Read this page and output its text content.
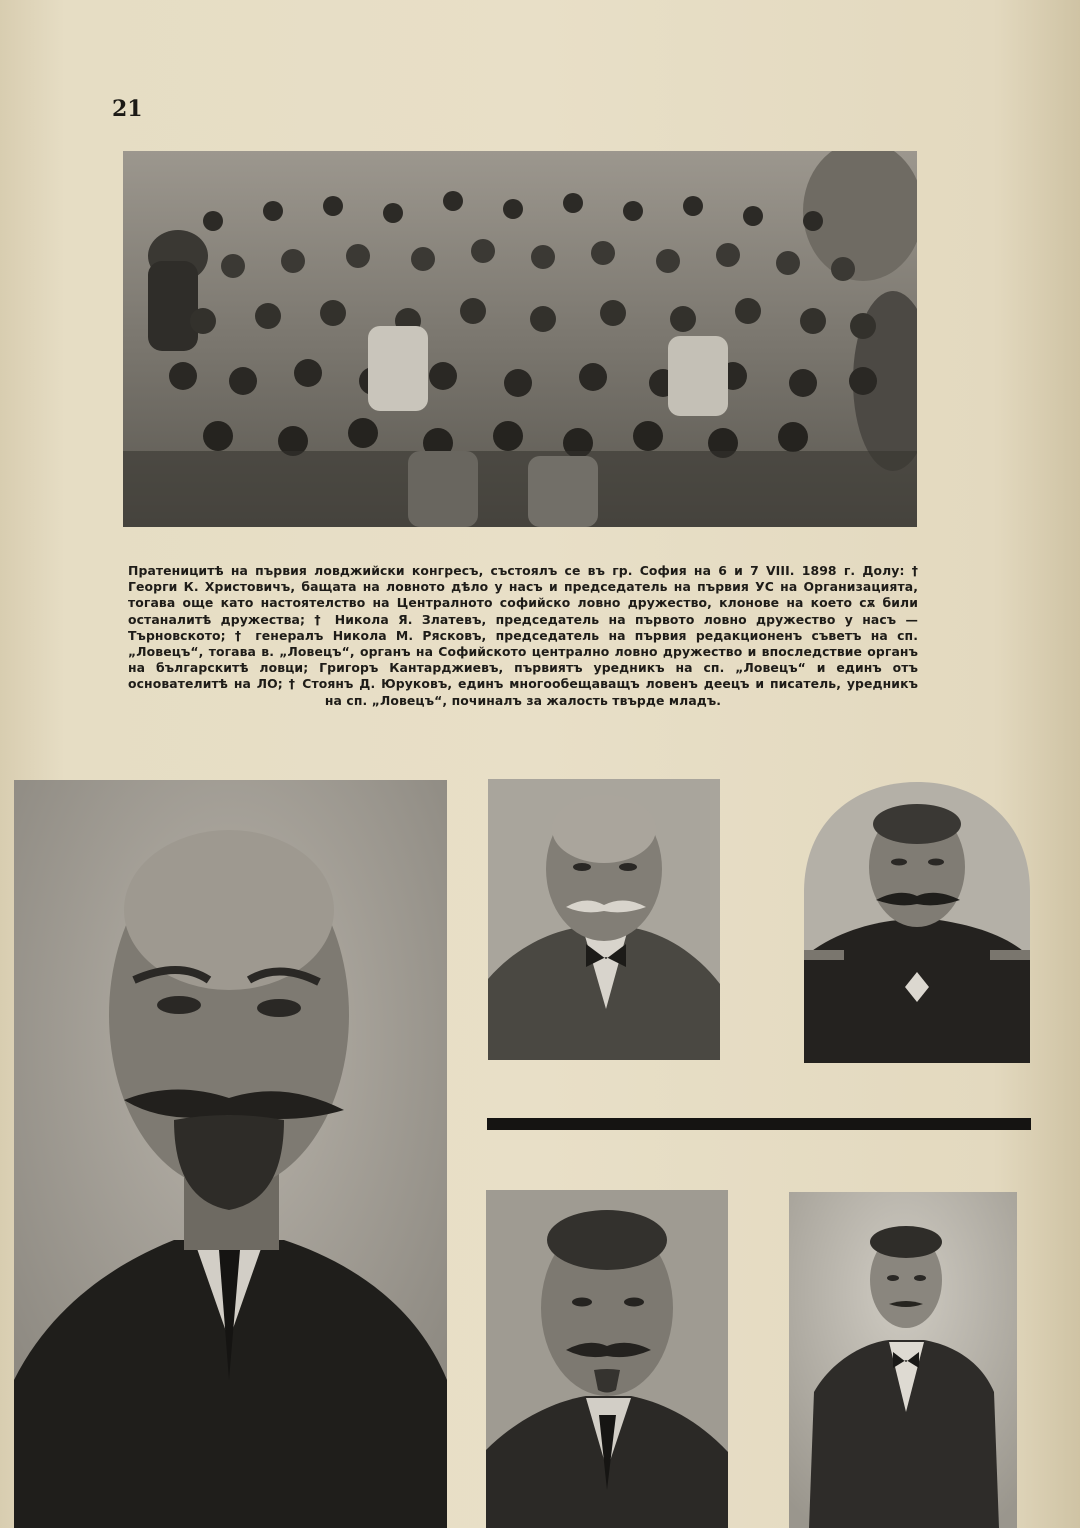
21
Пратеницитѣ на първия ловджийски конгресъ, състоялъ се въ гр. София на 6 и 7 VIII. 1898 г. Долу: † Георги К. Христовичъ, бащата на ловното дѣло у насъ и председатель на първия УС на Организацията, тогава още като настоятелство на Централното софийско ловно дружество, клонове на което сѫ били останалитѣ дружества; † Никола Я. Златевъ, председатель на първото ловно дружество у насъ — Търновското; † генералъ Никола М. Рясковъ, председатель на първия редакционенъ съветъ на сп. „Ловецъ“, тогава в. „Ловецъ“, органъ на Софийското централно ловно дружество и впоследствие органъ на българскитѣ ловци; Григоръ Кантарджиевъ, първиятъ уредникъ на сп. „Ловецъ“ и единъ отъ основателитѣ на ЛО; † Стоянъ Д. Юруковъ, единъ многообещаващъ ловенъ деецъ и писатель, уредникъ на сп. „Ловецъ“, починалъ за жалость твърде младъ.
